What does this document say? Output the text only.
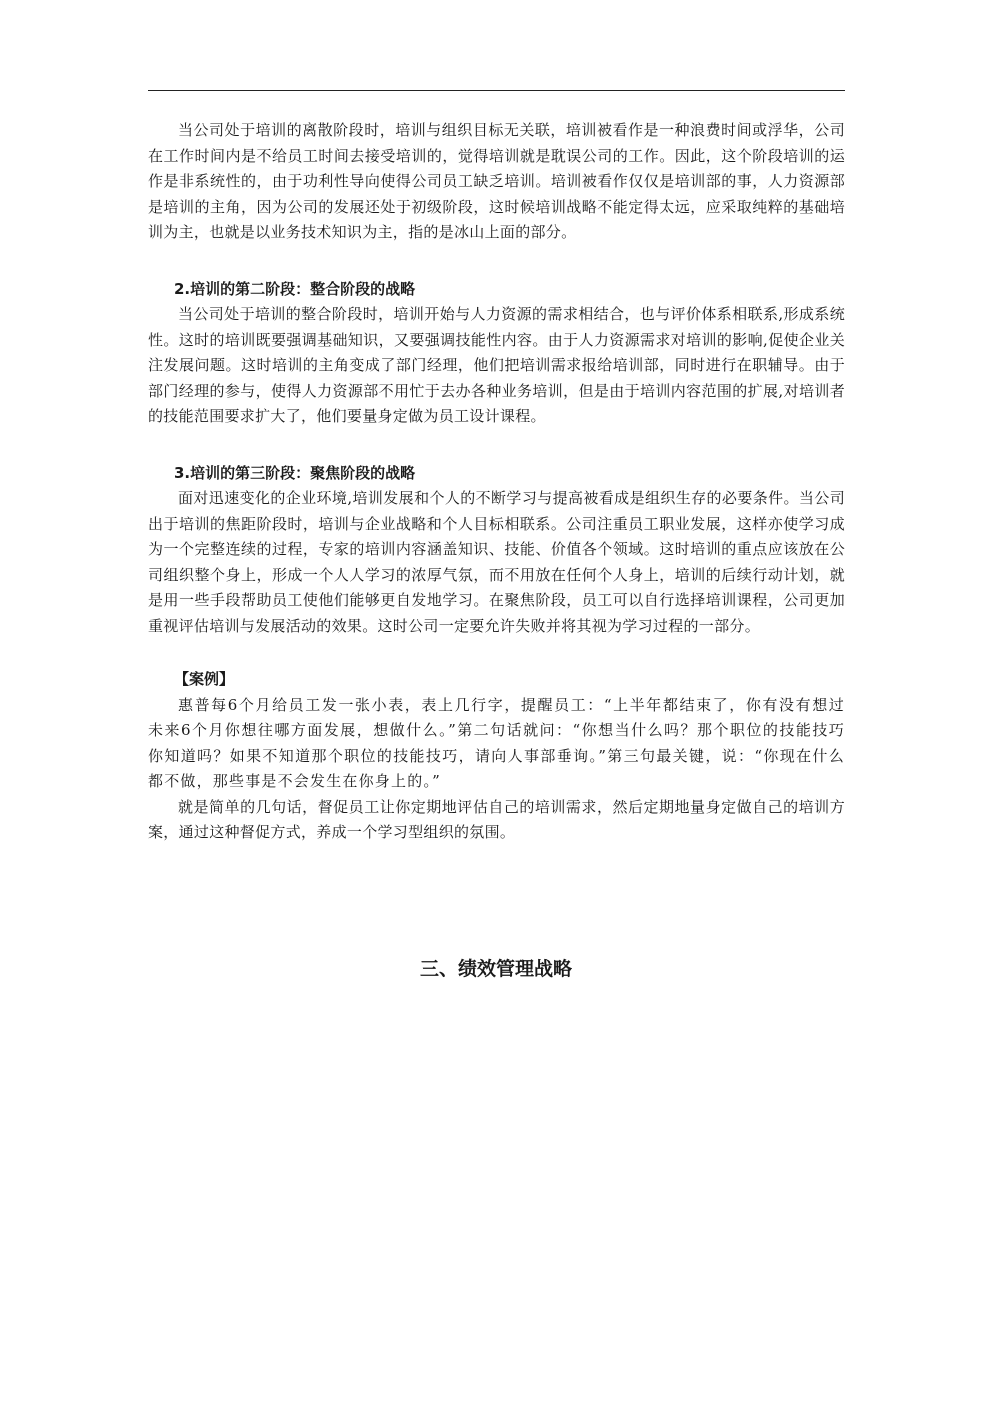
当公司处于培训的离散阶段时，培训与组织目标无关联，培训被看作是一种浪费时间或浮华，公司在工作时间内是不给员工时间去接受培训的，觉得培训就是耽误公司的工作。因此，这个阶段培训的运作是非系统性的，由于功利性导向使得公司员工缺乏培训。培训被看作仅仅是培训部的事，人力资源部是培训的主角，因为公司的发展还处于初级阶段，这时候培训战略不能定得太远，应采取纯粹的基础培训为主，也就是以业务技术知识为主，指的是冰山上面的部分。

2.培训的第二阶段：整合阶段的战略

当公司处于培训的整合阶段时，培训开始与人力资源的需求相结合，也与评价体系相联系,形成系统性。这时的培训既要强调基础知识，又要强调技能性内容。由于人力资源需求对培训的影响,促使企业关注发展问题。这时培训的主角变成了部门经理，他们把培训需求报给培训部，同时进行在职辅导。由于部门经理的参与，使得人力资源部不用忙于去办各种业务培训，但是由于培训内容范围的扩展,对培训者的技能范围要求扩大了，他们要量身定做为员工设计课程。

3.培训的第三阶段：聚焦阶段的战略

面对迅速变化的企业环境,培训发展和个人的不断学习与提高被看成是组织生存的必要条件。当公司出于培训的焦距阶段时，培训与企业战略和个人目标相联系。公司注重员工职业发展，这样亦使学习成为一个完整连续的过程，专家的培训内容涵盖知识、技能、价值各个领域。这时培训的重点应该放在公司组织整个身上，形成一个人人学习的浓厚气氛，而不用放在任何个人身上，培训的后续行动计划，就是用一些手段帮助员工使他们能够更自发地学习。在聚焦阶段，员工可以自行选择培训课程，公司更加重视评估培训与发展活动的效果。这时公司一定要允许失败并将其视为学习过程的一部分。

【案例】

惠普每6个月给员工发一张小表，表上几行字，提醒员工：“上半年都结束了，你有没有想过未来6个月你想往哪方面发展，想做什么。”第二句话就问：“你想当什么吗？那个职位的技能技巧你知道吗？如果不知道那个职位的技能技巧，请向人事部垂询。”第三句最关键，说：“你现在什么都不做，那些事是不会发生在你身上的。”

就是简单的几句话，督促员工让你定期地评估自己的培训需求，然后定期地量身定做自己的培训方案，通过这种督促方式，养成一个学习型组织的氛围。

三、绩效管理战略
